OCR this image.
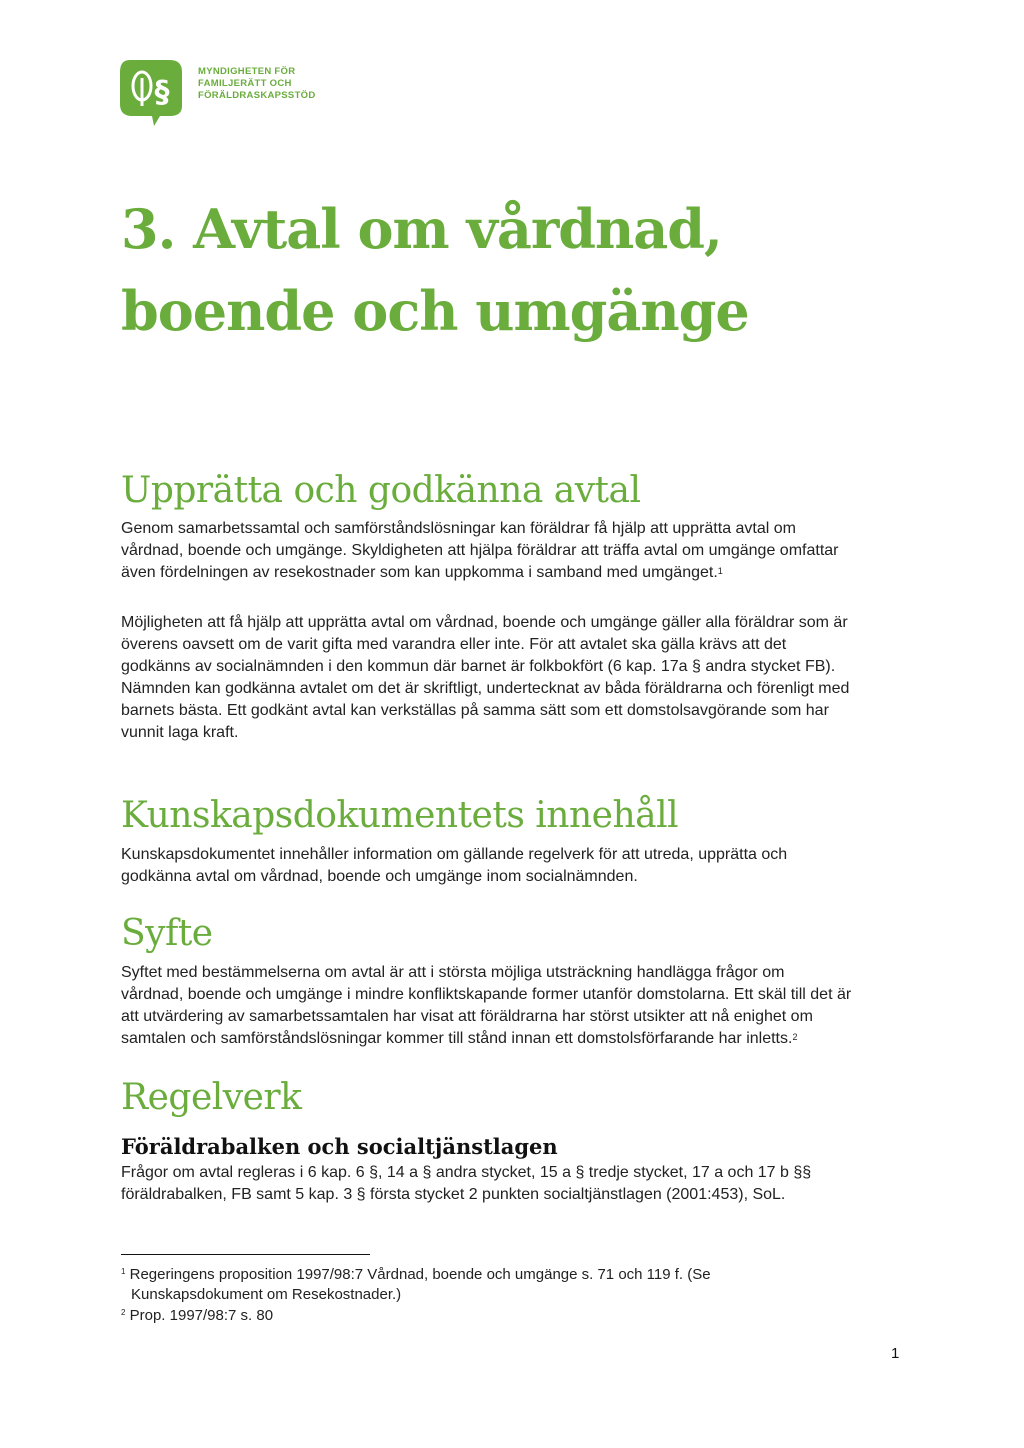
§
MYNDIGHETEN FÖR
FAMILJERÄTT OCH
FÖRÄLDRASKAPSSTÖD
3. Avtal om vårdnad,
boende och umgänge
Upprätta och godkänna avtal
Genom samarbetssamtal och samförståndslösningar kan föräldrar få hjälp att upprätta avtal om
vårdnad, boende och umgänge. Skyldigheten att hjälpa föräldrar att träffa avtal om umgänge omfattar
även fördelningen av resekostnader som kan uppkomma i samband med umgänget.$^1$
Möjligheten att få hjälp att upprätta avtal om vårdnad, boende och umgänge gäller alla föräldrar som är
överens oavsett om de varit gifta med varandra eller inte. För att avtalet ska gälla krävs att det
godkänns av socialnämnden i den kommun där barnet är folkbokfört (6 kap. 17a § andra stycket FB).
Nämnden kan godkänna avtalet om det är skriftligt, undertecknat av båda föräldrarna och förenligt med
barnets bästa. Ett godkänt avtal kan verkställas på samma sätt som ett domstolsavgörande som har
vunnit laga kraft.
Kunskapsdokumentets innehåll
Kunskapsdokumentet innehåller information om gällande regelverk för att utreda, upprätta och
godkänna avtal om vårdnad, boende och umgänge inom socialnämnden.
Syfte
Syftet med bestämmelserna om avtal är att i största möjliga utsträckning handlägga frågor om
vårdnad, boende och umgänge i mindre konfliktskapande former utanför domstolarna. Ett skäl till det är
att utvärdering av samarbetssamtalen har visat att föräldrarna har störst utsikter att nå enighet om
samtalen och samförståndslösningar kommer till stånd innan ett domstolsförfarande har inletts.$^2$
Regelverk
Föräldrabalken och socialtjänstlagen
Frågor om avtal regleras i 6 kap. 6 §, 14 a § andra stycket, 15 a § tredje stycket, 17 a och 17 b §§
föräldrabalken, FB samt 5 kap. 3 § första stycket 2 punkten socialtjänstlagen (2001:453), SoL.
$^1$ Regeringens proposition 1997/98:7 Vårdnad, boende och umgänge s. 71 och 119 f. (Se
Kunskapsdokument om Resekostnader.)
$^2$ Prop. 1997/98:7 s. 80
1
